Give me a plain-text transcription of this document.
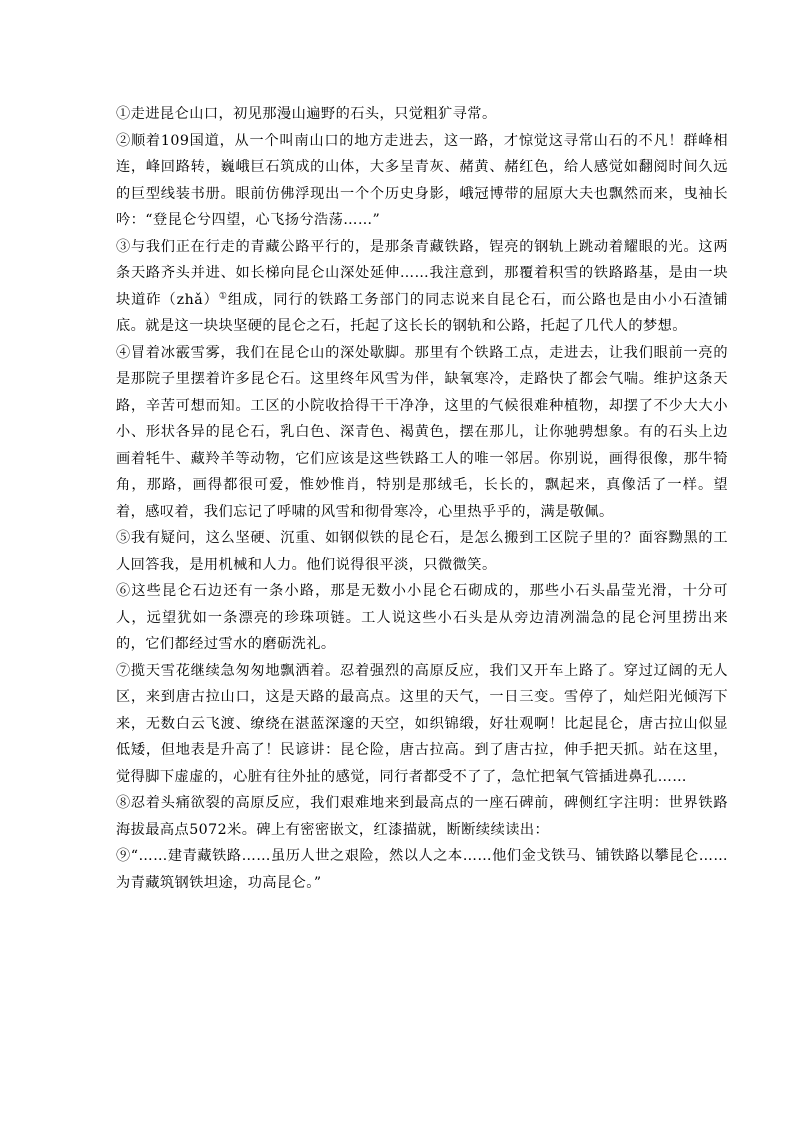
①走进昆仑山口，初见那漫山遍野的石头，只觉粗犷寻常。

②顺着109国道，从一个叫南山口的地方走进去，这一路，才惊觉这寻常山石的不凡！群峰相连，峰回路转，巍峨巨石筑成的山体，大多呈青灰、赭黄、赭红色，给人感觉如翻阅时间久远的巨型线装书册。眼前仿佛浮现出一个个历史身影，峨冠博带的屈原大夫也飘然而来，曳袖长吟：“登昆仑兮四望，心飞扬兮浩荡……”

③与我们正在行走的青藏公路平行的，是那条青藏铁路，锃亮的钢轨上跳动着耀眼的光。这两条天路齐头并进、如长梯向昆仑山深处延伸……我注意到，那覆着积雪的铁路路基，是由一块块道砟（zhǎ）①组成，同行的铁路工务部门的同志说来自昆仑石，而公路也是由小小石渣铺底。就是这一块块坚硬的昆仑之石，托起了这长长的钢轨和公路，托起了几代人的梦想。

④冒着冰霰雪雾，我们在昆仑山的深处歇脚。那里有个铁路工点，走进去，让我们眼前一亮的是那院子里摆着许多昆仑石。这里终年风雪为伴，缺氧寒冷，走路快了都会气喘。维护这条天路，辛苦可想而知。工区的小院收拾得干干净净，这里的气候很难种植物，却摆了不少大大小小、形状各异的昆仑石，乳白色、深青色、褐黄色，摆在那儿，让你驰骋想象。有的石头上边画着牦牛、藏羚羊等动物，它们应该是这些铁路工人的唯一邻居。你别说，画得很像，那牛犄角，那路，画得都很可爱，惟妙惟肖，特别是那绒毛，长长的，飘起来，真像活了一样。望着，感叹着，我们忘记了呼啸的风雪和彻骨寒冷，心里热乎乎的，满是敬佩。

⑤我有疑问，这么坚硬、沉重、如钢似铁的昆仑石，是怎么搬到工区院子里的？面容黝黑的工人回答我，是用机械和人力。他们说得很平淡，只微微笑。

⑥这些昆仑石边还有一条小路，那是无数小小昆仑石砌成的，那些小石头晶莹光滑，十分可人，远望犹如一条漂亮的珍珠项链。工人说这些小石头是从旁边清冽湍急的昆仑河里捞出来的，它们都经过雪水的磨砺洗礼。

⑦揽天雪花继续急匆匆地飘洒着。忍着强烈的高原反应，我们又开车上路了。穿过辽阔的无人区，来到唐古拉山口，这是天路的最高点。这里的天气，一日三变。雪停了，灿烂阳光倾泻下来，无数白云飞渡、缭绕在湛蓝深邃的天空，如织锦缎，好壮观啊！比起昆仑，唐古拉山似显低矮，但地表是升高了！民谚讲：昆仑险，唐古拉高。到了唐古拉，伸手把天抓。站在这里，觉得脚下虚虚的，心脏有往外扯的感觉，同行者都受不了了，急忙把氧气管插进鼻孔……

⑧忍着头痛欲裂的高原反应，我们艰难地来到最高点的一座石碑前，碑侧红字注明：世界铁路海拔最高点5072米。碑上有密密嵌文，红漆描就，断断续续读出：

⑨“……建青藏铁路……虽历人世之艰险，然以人之本……他们金戈铁马、铺铁路以攀昆仑……为青藏筑钢铁坦途，功高昆仑。”
